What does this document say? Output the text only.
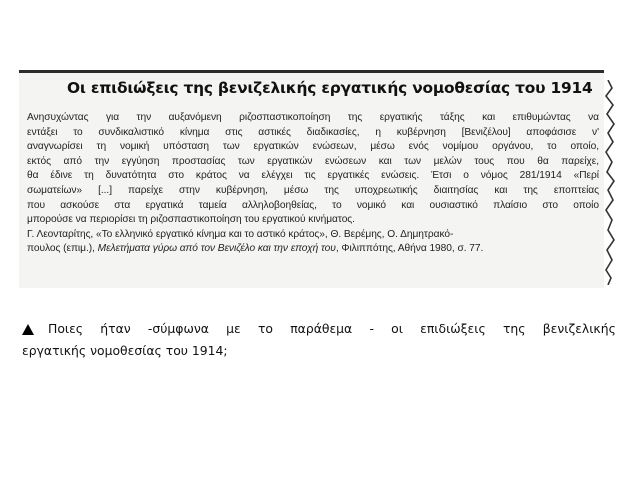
Οι επιδιώξεις της βενιζελικής εργατικής νομοθεσίας του 1914
Ανησυχώντας για την αυξανόμενη ριζοσπαστικοποίηση της εργατικής τάξης και επιθυμώντας να
εντάξει το συνδικαλιστικό κίνημα στις αστικές διαδικασίες, η κυβέρνηση [Βενιζέλου] αποφάσισε ν'
αναγνωρίσει τη νομική υπόσταση των εργατικών ενώσεων, μέσω ενός νομίμου οργάνου, το οποίο,
εκτός από την εγγύηση προστασίας των εργατικών ενώσεων και των μελών τους που θα παρείχε,
θα έδινε τη δυνατότητα στο κράτος να ελέγχει τις εργατικές ενώσεις. Έτσι ο νόμος 281/1914 «Περί
σωματείων» [...] παρείχε στην κυβέρνηση, μέσω της υποχρεωτικής διαιτησίας και της εποπτείας
που ασκούσε στα εργατικά ταμεία αλληλοβοηθείας, το νομικό και ουσιαστικό πλαίσιο στο οποίο
μπορούσε να περιορίσει τη ριζοσπαστικοποίηση του εργατικού κινήματος.
Γ. Λεονταρίτης, «Το ελληνικό εργατικό κίνημα και το αστικό κράτος», Θ. Βερέμης, Ο. Δημητρακό-
πουλος (επιμ.), Μελετήματα γύρω από τον Βενιζέλο και την εποχή του, Φιλιππότης, Αθήνα 1980, σ. 77.
Ποιες ήταν -σύμφωνα με το παράθεμα - οι επιδιώξεις της βενιζελικής
εργατικής νομοθεσίας του 1914;
